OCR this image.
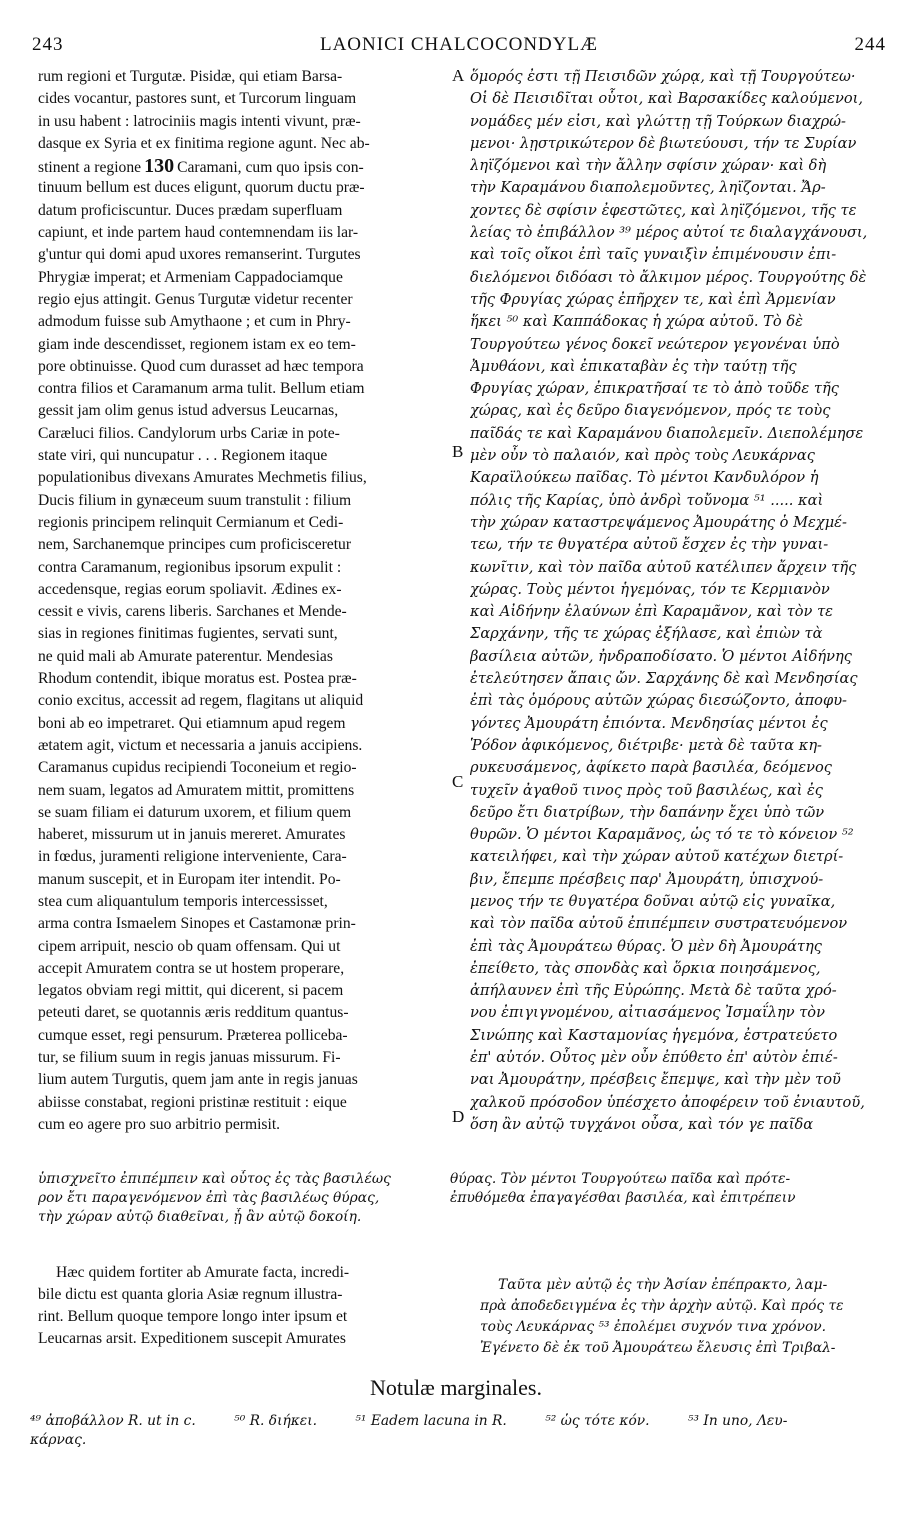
243	LAONICI CHALCOCONDYLÆ	244
rum regioni et Turgutæ. Pisidæ, qui etiam Barsa-
cides vocantur, pastores sunt, et Turcorum linguam
in usu habent : latrociniis magis intenti vivunt, præ-
dasque ex Syria et ex finitima regione agunt. Nec ab-
stinent a regione 130 Caramani, cum quo ipsis con-
tinuum bellum est duces eligunt, quorum ductu præ-
datum proficiscuntur. Duces prædam superfluam
capiunt, et inde partem haud contemnendam iis lar-
g'untur qui domi apud uxores remanserint. Turgutes
Phrygiæ imperat; et Armeniam Cappadociamque
regio ejus attingit. Genus Turgutæ videtur recenter
admodum fuisse sub Amythaone ; et cum in Phry-
giam inde descendisset, regionem istam ex eo tem-
pore obtinuisse. Quod cum durasset ad hæc tempora
contra filios et Caramanum arma tulit. Bellum etiam
gessit jam olim genus istud adversus Leucarnas,
Caræluci filios. Candylorum urbs Cariæ in pote-
state viri, qui nuncupatur . . . Regionem itaque
populationibus divexans Amurates Mechmetis filius,
Ducis filium in gynæceum suum transtulit : filium
regionis principem relinquit Cermianum et Cedi-
nem, Sarchanemque principes cum proficisceretur
contra Caramanum, regionibus ipsorum expulit :
accedensque, regias eorum spoliavit. Ædines ex-
cessit e vivis, carens liberis. Sarchanes et Mende-
sias in regiones finitimas fugientes, servati sunt,
ne quid mali ab Amurate paterentur. Mendesias
Rhodum contendit, ibique moratus est. Postea præ-
conio excitus, accessit ad regem, flagitans ut aliquid
boni ab eo impetraret. Qui etiamnum apud regem
ætatem agit, victum et necessaria a januis accipiens.
Caramanus cupidus recipiendi Toconeium et regio-
nem suam, legatos ad Amuratem mittit, promittens
se suam filiam ei daturum uxorem, et filium quem
haberet, missurum ut in januis mereret. Amurates
in fœdus, juramenti religione interveniente, Cara-
manum suscepit, et in Europam iter intendit. Po-
stea cum aliquantulum temporis intercessisset,
arma contra Ismaelem Sinopes et Castamonæ prin-
cipem arripuit, nescio ob quam offensam. Qui ut
accepit Amuratem contra se ut hostem properare,
legatos obviam regi mittit, qui dicerent, si pacem
peteuti daret, se quotannis æris redditum quantus-
cumque esset, regi pensurum. Præterea pollicebа-
tur, se filium suum in regis januas missurum. Fi-
lium autem Turgutis, quem jam ante in regis januas
abiisse constabat, regioni pristinæ restituit : eique
cum eo agere pro suo arbitrio permisit.
ὅμορός ἐστι τῇ Πεισιδῶν χώρᾳ, καὶ τῇ Τουργούτεω·
Οἱ δὲ Πεισιδῖται οὗτοι, καὶ Βαρσακίδες καλούμενοι,
νομάδες μέν εἰσι, καὶ γλώττῃ τῇ Τούρκων διαχρώ-
μενοι· λῃστρικώτερον δὲ βιωτεύουσι, τήν τε Συρίαν
ληϊζόμενοι καὶ τὴν ἄλλην σφίσιν χώραν· καὶ δὴ
τὴν Καραμάνου διαπολεμοῦντες, ληϊζονται. Ἄρ-
χοντες δὲ σφίσιν ἐφεστῶτες, καὶ ληϊζόμενοι, τῆς τε
λείας τὸ ἐπιβάλλον ³⁹ μέρος αὐτοί τε διαλαγχάνουσι,
καὶ τοῖς οἴκοι ἐπὶ ταῖς γυναιξὶν ἐπιμένουσιν ἐπι-
διελόμενοι διδόασι τὸ ἄλκιμον μέρος. Τουργούτης δὲ
τῆς Φρυγίας χώρας ἐπῆρχεν τε, καὶ ἐπὶ Ἀρμενίαν
ἥκει ⁵⁰ καὶ Καππάδοκας ἡ χώρα αὐτοῦ. Τὸ δὲ
Τουργούτεω γένος δοκεῖ νεώτερον γεγονέναι ὑπὸ
Ἀμυθάονι, καὶ ἐπικαταβὰν ἐς τὴν ταύτῃ τῆς
Φρυγίας χώραν, ἐπικρατῆσαί τε τὸ ἀπὸ τοῦδε τῆς
χώρας, καὶ ἐς δεῦρο διαγενόμενον, πρός τε τοὺς
παῖδάς τε καὶ Καραμάνου διαπολεμεῖν. Διεπολέμησε
μὲν οὖν τὸ παλαιόν, καὶ πρὸς τοὺς Λευκάρνας
Καραϊλούκεω παῖδας. Τὸ μέντοι Κανδυλόρον ἡ
πόλις τῆς Καρίας, ὑπὸ ἀνδρὶ τοὔνομα ⁵¹ ..... καὶ
τὴν χώραν καταστρεψάμενος Ἀμουράτης ὁ Μεχμέ-
τεω, τήν τε θυγατέρα αὐτοῦ ἔσχεν ἐς τὴν γυναι-
κωνῖτιν, καὶ τὸν παῖδα αὐτοῦ κατέλιπεν ἄρχειν τῆς
χώρας. Τοὺς μέντοι ἡγεμόνας, τόν τε Κερμιανὸν
καὶ Αἰδήνην ἐλαύνων ἐπὶ Καραμᾶνον, καὶ τὸν τε
Σαρχάνην, τῆς τε χώρας ἐξήλασε, καὶ ἐπιὼν τὰ
βασίλεια αὐτῶν, ἠνδραποδίσατο. Ὁ μέντοι Αἰδήνης
ἐτελεύτησεν ἄπαις ὤν. Σαρχάνης δὲ καὶ Μενδησίας
ἐπὶ τὰς ὁμόρους αὐτῶν χώρας διεσώζοντο, ἀποφυ-
γόντες Ἀμουράτη ἐπιόντα. Μενδησίας μέντοι ἐς
Ῥόδον ἀφικόμενος, διέτριβε· μετὰ δὲ ταῦτα κη-
ρυκευσάμενος, ἀφίκετο παρὰ βασιλέα, δεόμενος
τυχεῖν ἀγαθοῦ τινος πρὸς τοῦ βασιλέως, καὶ ἐς
δεῦρο ἔτι διατρίβων, τὴν δαπάνην ἔχει ὑπὸ τῶν
θυρῶν. Ὁ μέντοι Καραμᾶνος, ὡς τό τε τὸ κόνειον ⁵²
κατειλήφει, καὶ τὴν χώραν αὐτοῦ κατέχων διετρί-
βιν, ἔπεμπε πρέσβεις παρ' Ἀμουράτη, ὑπισχνού-
μενος τήν τε θυγατέρα δοῦναι αὐτῷ εἰς γυναῖκα,
καὶ τὸν παῖδα αὐτοῦ ἐπιπέμπειν συστρατευόμενον
ἐπὶ τὰς Ἀμουράτεω θύρας. Ὁ μὲν δὴ Ἀμουράτης
ἐπείθετο, τὰς σπονδὰς καὶ ὅρκια ποιησάμενος,
ἀπήλαυνεν ἐπὶ τῆς Εὐρώπης. Μετὰ δὲ ταῦτα χρό-
νου ἐπιγιγνομένου, αἰτιασάμενος Ἰσμαΐλην τὸν
Σινώπης καὶ Κασταμονίας ἡγεμόνα, ἐστρατεύετο
ἐπ' αὐτόν. Οὗτος μὲν οὖν ἐπύθετο ἐπ' αὐτὸν ἐπιέ-
ναι Ἀμουράτην, πρέσβεις ἔπεμψε, καὶ τὴν μὲν τοῦ
χαλκοῦ πρόσοδον ὑπέσχετο ἀποφέρειν τοῦ ἐνιαυτοῦ,
ὅση ἂν αὐτῷ τυγχάνοι οὖσα, καὶ τόν γε παῖδα
A
B
C
D
ὑπισχνεῖτο ἐπιπέμπειν καὶ οὗτος ἐς τὰς βασιλέως
ρον ἔτι παραγενόμενον ἐπὶ τὰς βασιλέως θύρας,
τὴν χώραν αὐτῷ διαθεῖναι, ᾗ ἂν αὐτῷ δοκοίη.
θύρας. Τὸν μέντοι Τουργούτεω παῖδα καὶ πρότε-
ἐπυθόμεθα ἐπαγαγέσθαι βασιλέα, καὶ ἐπιτρέπειν
Hæc quidem fortiter ab Amurate facta, incredi-
bile dictu est quanta gloria Asiæ regnum illustra-
rint. Bellum quoque tempore longo inter ipsum et
Leucarnas arsit. Expeditionem suscepit Amurates
Ταῦτα μὲν αὐτῷ ἐς τὴν Ἀσίαν ἐπέπρακτο, λαμ-
πρὰ ἀποδεδειγμένα ἐς τὴν ἀρχὴν αὐτῷ. Καὶ πρός τε
τοὺς Λευκάρνας ⁵³ ἐπολέμει συχνόν τινα χρόνον.
Ἐγένετο δὲ ἐκ τοῦ Ἀμουράτεω ἔλευσις ἐπὶ Τριβαλ-
Notulæ marginales.
⁴⁹ ἀποβάλλον R. ut in c.	⁵⁰ R. διήκει.	⁵¹ Eadem lacuna in R.	⁵² ὡς τότε κόν.	⁵³ In uno, Λευ-
κάρνας.
